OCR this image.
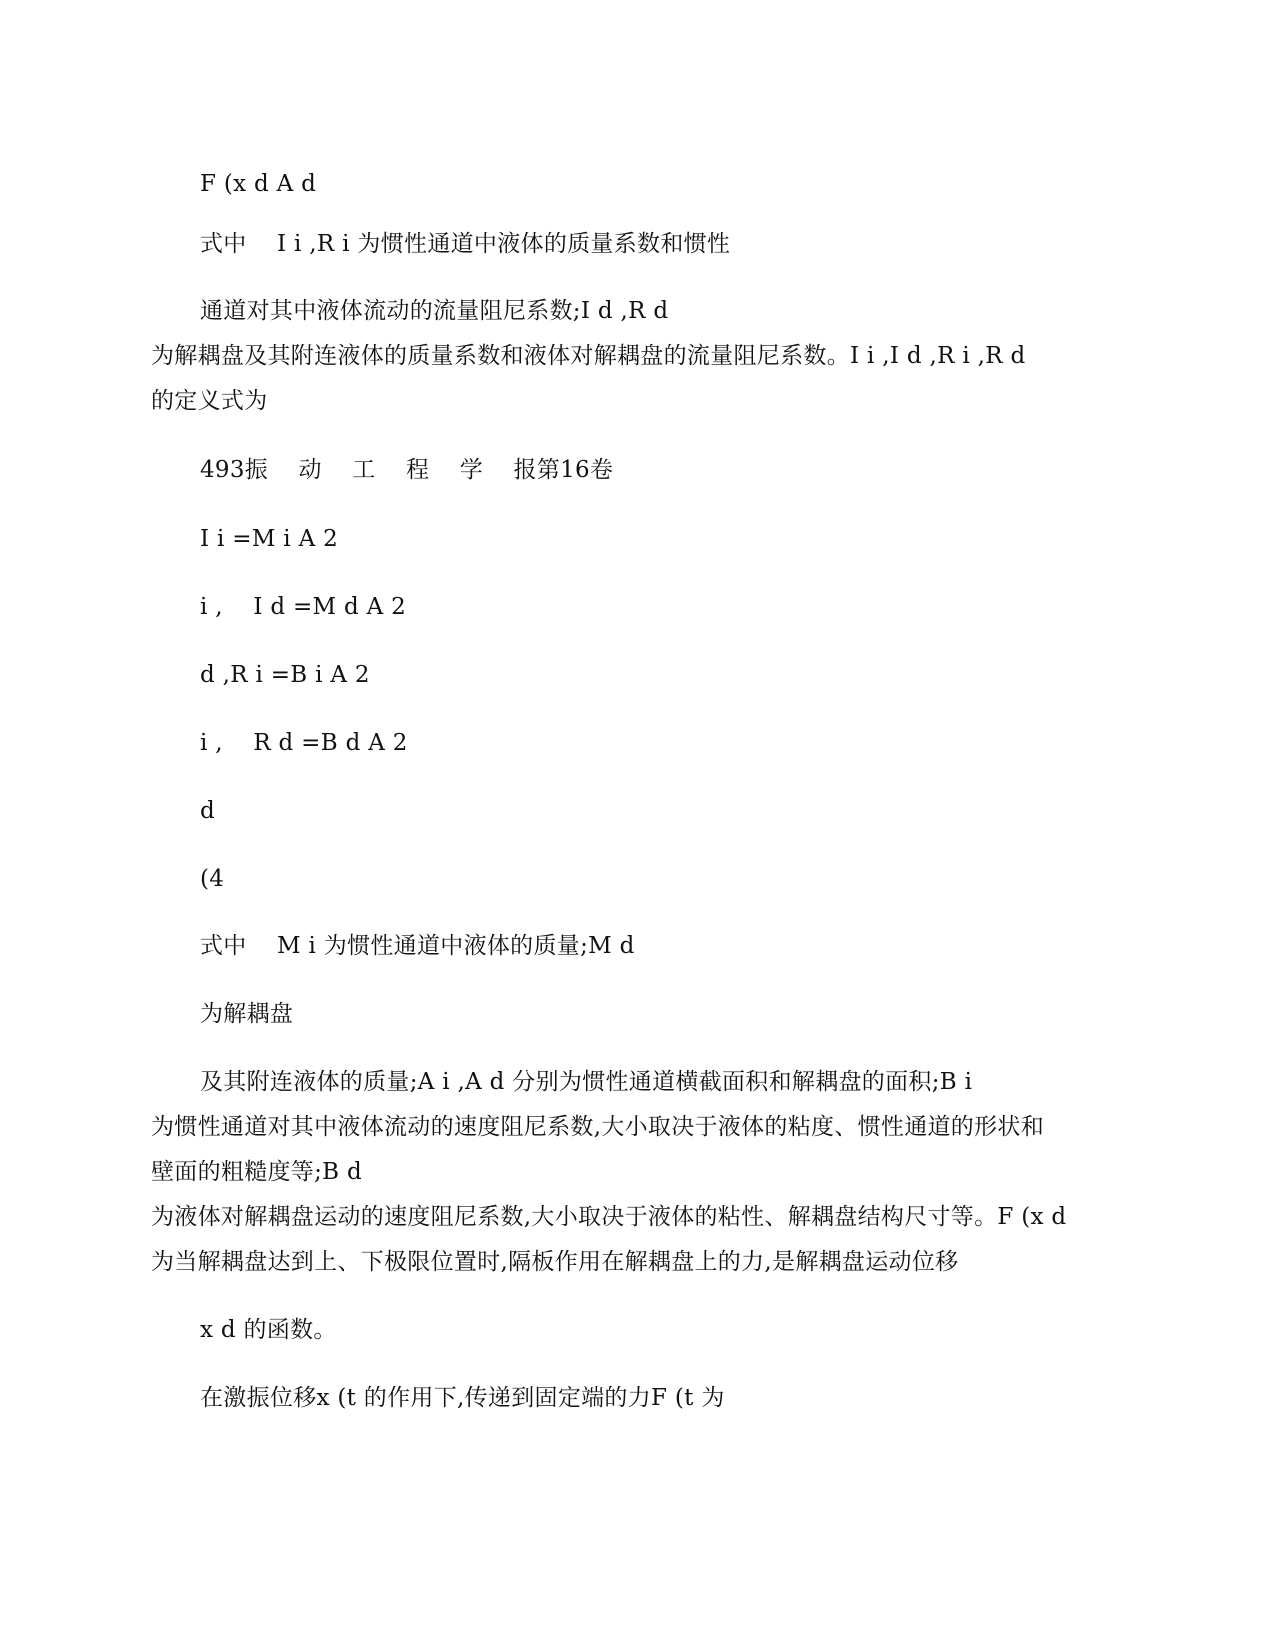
F (x d A d
式中    I i ,R i 为惯性通道中液体的质量系数和惯性
通道对其中液体流动的流量阻尼系数;I d ,R d
为解耦盘及其附连液体的质量系数和液体对解耦盘的流量阻尼系数。I i ,I d ,R i ,R d
的定义式为
493振    动    工    程    学    报第16卷
I i =M i A 2
i ,    I d =M d A 2
d ,R i =B i A 2
i ,    R d =B d A 2
d
(4
式中    M i 为惯性通道中液体的质量;M d
为解耦盘
及其附连液体的质量;A i ,A d 分别为惯性通道横截面积和解耦盘的面积;B i
为惯性通道对其中液体流动的速度阻尼系数,大小取决于液体的粘度、惯性通道的形状和
壁面的粗糙度等;B d
为液体对解耦盘运动的速度阻尼系数,大小取决于液体的粘性、解耦盘结构尺寸等。F (x d
为当解耦盘达到上、下极限位置时,隔板作用在解耦盘上的力,是解耦盘运动位移
x d 的函数。
在激振位移x (t 的作用下,传递到固定端的力F (t 为
